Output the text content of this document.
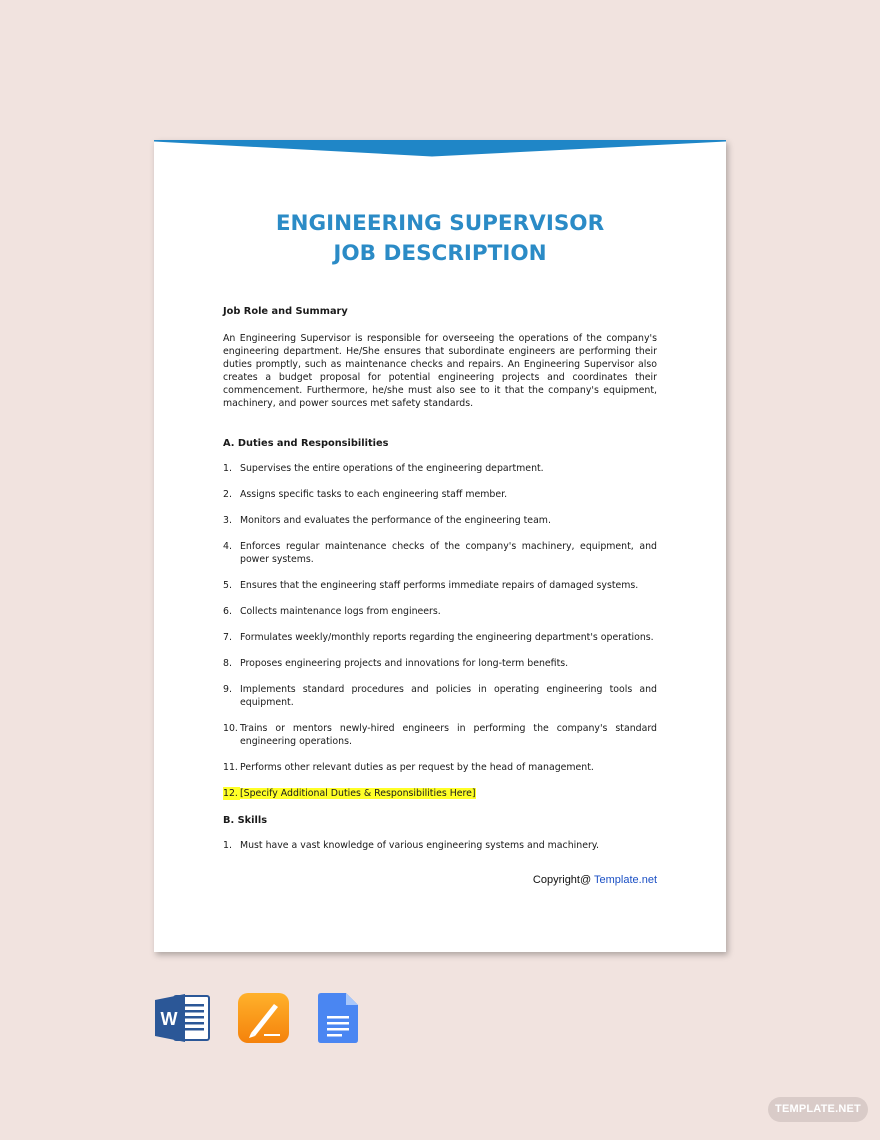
ENGINEERING SUPERVISOR
JOB DESCRIPTION
Job Role and Summary
An Engineering Supervisor is responsible for overseeing the operations of the company's engineering department. He/She ensures that subordinate engineers are performing their duties promptly, such as maintenance checks and repairs. An Engineering Supervisor also creates a budget proposal for potential engineering projects and coordinates their commencement. Furthermore, he/she must also see to it that the company's equipment, machinery, and power sources met safety standards.
A. Duties and Responsibilities
1. Supervises the entire operations of the engineering department.
2. Assigns specific tasks to each engineering staff member.
3. Monitors and evaluates the performance of the engineering team.
4. Enforces regular maintenance checks of the company's machinery, equipment, and power systems.
5. Ensures that the engineering staff performs immediate repairs of damaged systems.
6. Collects maintenance logs from engineers.
7. Formulates weekly/monthly reports regarding the engineering department's operations.
8. Proposes engineering projects and innovations for long-term benefits.
9. Implements standard procedures and policies in operating engineering tools and equipment.
10. Trains or mentors newly-hired engineers in performing the company's standard engineering operations.
11. Performs other relevant duties as per request by the head of management.
12. [Specify Additional Duties & Responsibilities Here]
B. Skills
1. Must have a vast knowledge of various engineering systems and machinery.
Copyright@ Template.net
W
TEMPLATE.NET
